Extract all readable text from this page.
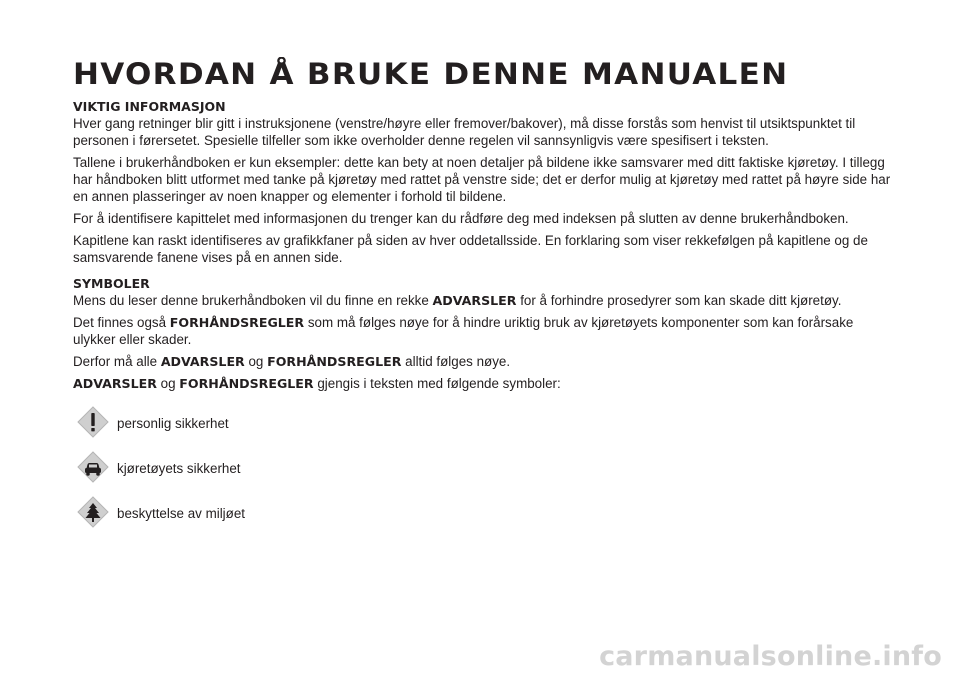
HVORDAN Å BRUKE DENNE MANUALEN
VIKTIG INFORMASJON

Hver gang retninger blir gitt i instruksjonene (venstre/høyre eller fremover/bakover), må disse forstås som henvist til utsiktspunktet til personen i førersetet. Spesielle tilfeller som ikke overholder denne regelen vil sannsynligvis være spesifisert i teksten.

Tallene i brukerhåndboken er kun eksempler: dette kan bety at noen detaljer på bildene ikke samsvarer med ditt faktiske kjøretøy. I tillegg har håndboken blitt utformet med tanke på kjøretøy med rattet på venstre side; det er derfor mulig at kjøretøy med rattet på høyre side har en annen plasseringer av noen knapper og elementer i forhold til bildene.

For å identifisere kapittelet med informasjonen du trenger kan du rådføre deg med indeksen på slutten av denne brukerhåndboken.

Kapitlene kan raskt identifiseres av grafikkfaner på siden av hver oddetallsside. En forklaring som viser rekkefølgen på kapitlene og de samsvarende fanene vises på en annen side.

SYMBOLER

Mens du leser denne brukerhåndboken vil du finne en rekke ADVARSLER for å forhindre prosedyrer som kan skade ditt kjøretøy.

Det finnes også FORHÅNDSREGLER som må følges nøye for å hindre uriktig bruk av kjøretøyets komponenter som kan forårsake ulykker eller skader.

Derfor må alle ADVARSLER og FORHÅNDSREGLER alltid følges nøye.

ADVARSLER og FORHÅNDSREGLER gjengis i teksten med følgende symboler:

personlig sikkerhet
kjøretøyets sikkerhet
beskyttelse av miljøet
carmanualsonline.info
